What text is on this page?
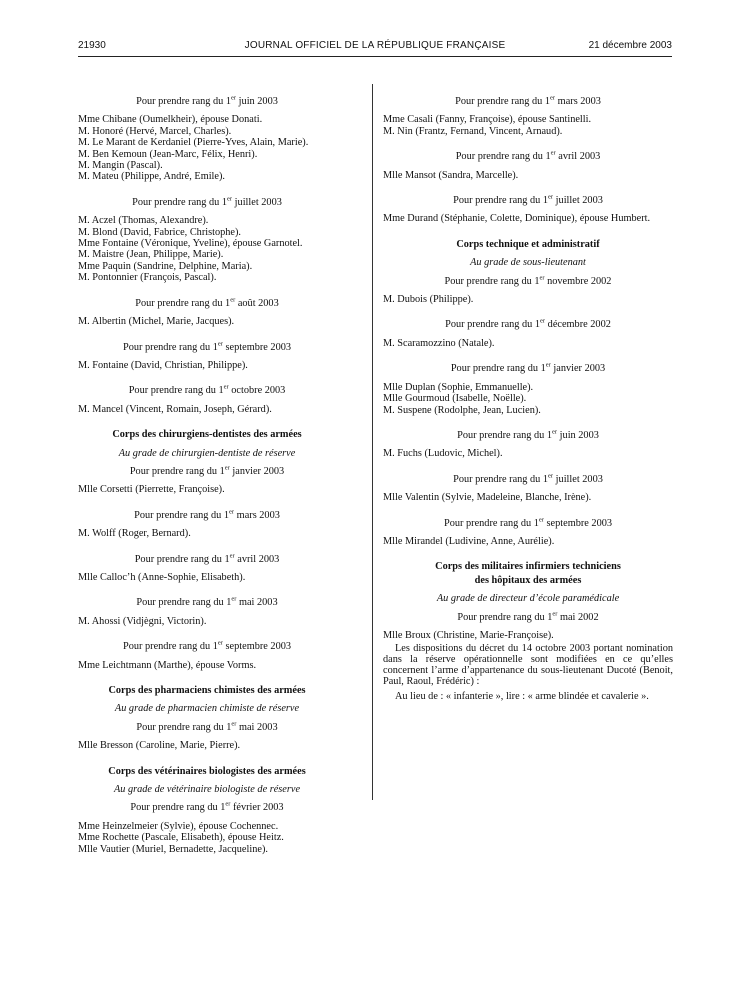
21930	JOURNAL OFFICIEL DE LA RÉPUBLIQUE FRANÇAISE	21 décembre 2003
Pour prendre rang du 1er juin 2003
Mme Chibane (Oumelkheir), épouse Donati.
M. Honoré (Hervé, Marcel, Charles).
M. Le Marant de Kerdaniel (Pierre-Yves, Alain, Marie).
M. Ben Kemoun (Jean-Marc, Félix, Henri).
M. Mangin (Pascal).
M. Mateu (Philippe, André, Emile).
Pour prendre rang du 1er juillet 2003
M. Aczel (Thomas, Alexandre).
M. Blond (David, Fabrice, Christophe).
Mme Fontaine (Véronique, Yveline), épouse Garnotel.
M. Maistre (Jean, Philippe, Marie).
Mme Paquin (Sandrine, Delphine, Maria).
M. Pontonnier (François, Pascal).
Pour prendre rang du 1er août 2003
M. Albertin (Michel, Marie, Jacques).
Pour prendre rang du 1er septembre 2003
M. Fontaine (David, Christian, Philippe).
Pour prendre rang du 1er octobre 2003
M. Mancel (Vincent, Romain, Joseph, Gérard).
Corps des chirurgiens-dentistes des armées
Au grade de chirurgien-dentiste de réserve
Pour prendre rang du 1er janvier 2003
Mlle Corsetti (Pierrette, Françoise).
Pour prendre rang du 1er mars 2003
M. Wolff (Roger, Bernard).
Pour prendre rang du 1er avril 2003
Mlle Calloc’h (Anne-Sophie, Elisabeth).
Pour prendre rang du 1er mai 2003
M. Ahossi (Vidjègni, Victorin).
Pour prendre rang du 1er septembre 2003
Mme Leichtmann (Marthe), épouse Vorms.
Corps des pharmaciens chimistes des armées
Au grade de pharmacien chimiste de réserve
Pour prendre rang du 1er mai 2003
Mlle Bresson (Caroline, Marie, Pierre).
Corps des vétérinaires biologistes des armées
Au grade de vétérinaire biologiste de réserve
Pour prendre rang du 1er février 2003
Mme Heinzelmeier (Sylvie), épouse Cochennec.
Mme Rochette (Pascale, Elisabeth), épouse Heitz.
Mlle Vautier (Muriel, Bernadette, Jacqueline).
Pour prendre rang du 1er mars 2003
Mme Casali (Fanny, Françoise), épouse Santinelli.
M. Nin (Frantz, Fernand, Vincent, Arnaud).
Pour prendre rang du 1er avril 2003
Mlle Mansot (Sandra, Marcelle).
Pour prendre rang du 1er juillet 2003
Mme Durand (Stéphanie, Colette, Dominique), épouse Humbert.
Corps technique et administratif
Au grade de sous-lieutenant
Pour prendre rang du 1er novembre 2002
M. Dubois (Philippe).
Pour prendre rang du 1er décembre 2002
M. Scaramozzino (Natale).
Pour prendre rang du 1er janvier 2003
Mlle Duplan (Sophie, Emmanuelle).
Mlle Gourmoud (Isabelle, Noëlle).
M. Suspene (Rodolphe, Jean, Lucien).
Pour prendre rang du 1er juin 2003
M. Fuchs (Ludovic, Michel).
Pour prendre rang du 1er juillet 2003
Mlle Valentin (Sylvie, Madeleine, Blanche, Irène).
Pour prendre rang du 1er septembre 2003
Mlle Mirandel (Ludivine, Anne, Aurélie).
Corps des militaires infirmiers techniciens
des hôpitaux des armées
Au grade de directeur d’école paramédicale
Pour prendre rang du 1er mai 2002
Mlle Broux (Christine, Marie-Françoise).

Les dispositions du décret du 14 octobre 2003 portant nomination dans la réserve opérationnelle sont modifiées en ce qu’elles concernent l’arme d’appartenance du sous-lieutenant Ducoté (Benoit, Paul, Raoul, Frédéric) :

Au lieu de : « infanterie », lire : « arme blindée et cavalerie ».
